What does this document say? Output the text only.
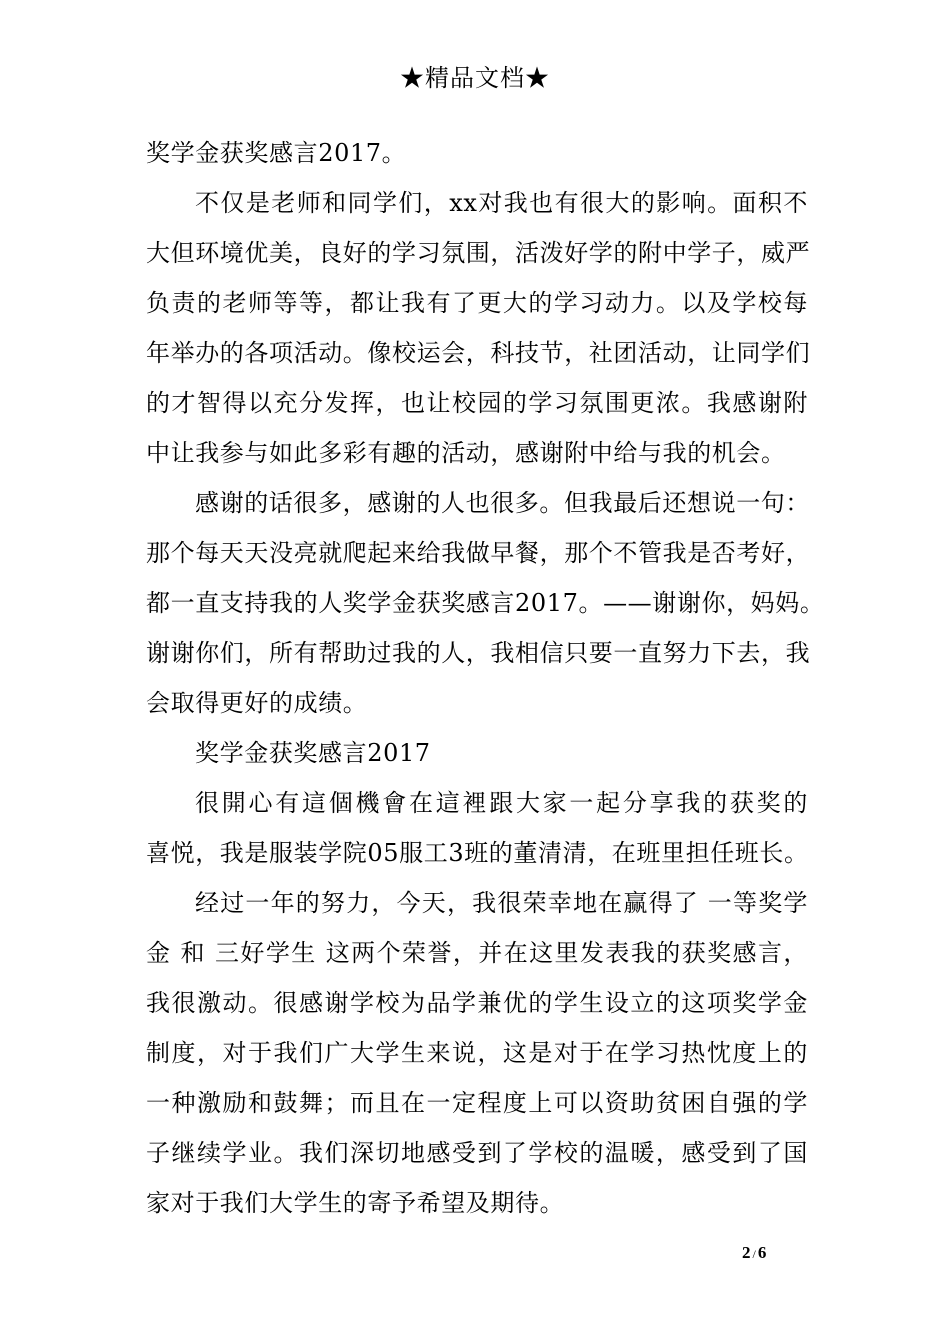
★精品文档★
奖学金获奖感言2017。
不仅是老师和同学们，xx对我也有很大的影响。面积不
大但环境优美，良好的学习氛围，活泼好学的附中学子，威严
负责的老师等等，都让我有了更大的学习动力。以及学校每
年举办的各项活动。像校运会，科技节，社团活动，让同学们
的才智得以充分发挥，也让校园的学习氛围更浓。我感谢附
中让我参与如此多彩有趣的活动，感谢附中给与我的机会。
感谢的话很多，感谢的人也很多。但我最后还想说一句：
那个每天天没亮就爬起来给我做早餐，那个不管我是否考好，
都一直支持我的人奖学金获奖感言2017。——谢谢你，妈妈。
谢谢你们，所有帮助过我的人，我相信只要一直努力下去，我
会取得更好的成绩。
奖学金获奖感言2017
很開心有這個機會在這裡跟大家一起分享我的获奖的
喜悦，我是服装学院05服工3班的董清清，在班里担任班长。
经过一年的努力，今天，我很荣幸地在赢得了 一等奖学
金 和 三好学生 这两个荣誉，并在这里发表我的获奖感言，
我很激动。很感谢学校为品学兼优的学生设立的这项奖学金
制度，对于我们广大学生来说，这是对于在学习热忱度上的
一种激励和鼓舞；而且在一定程度上可以资助贫困自强的学
子继续学业。我们深切地感受到了学校的温暖，感受到了国
家对于我们大学生的寄予希望及期待。
2 / 6
